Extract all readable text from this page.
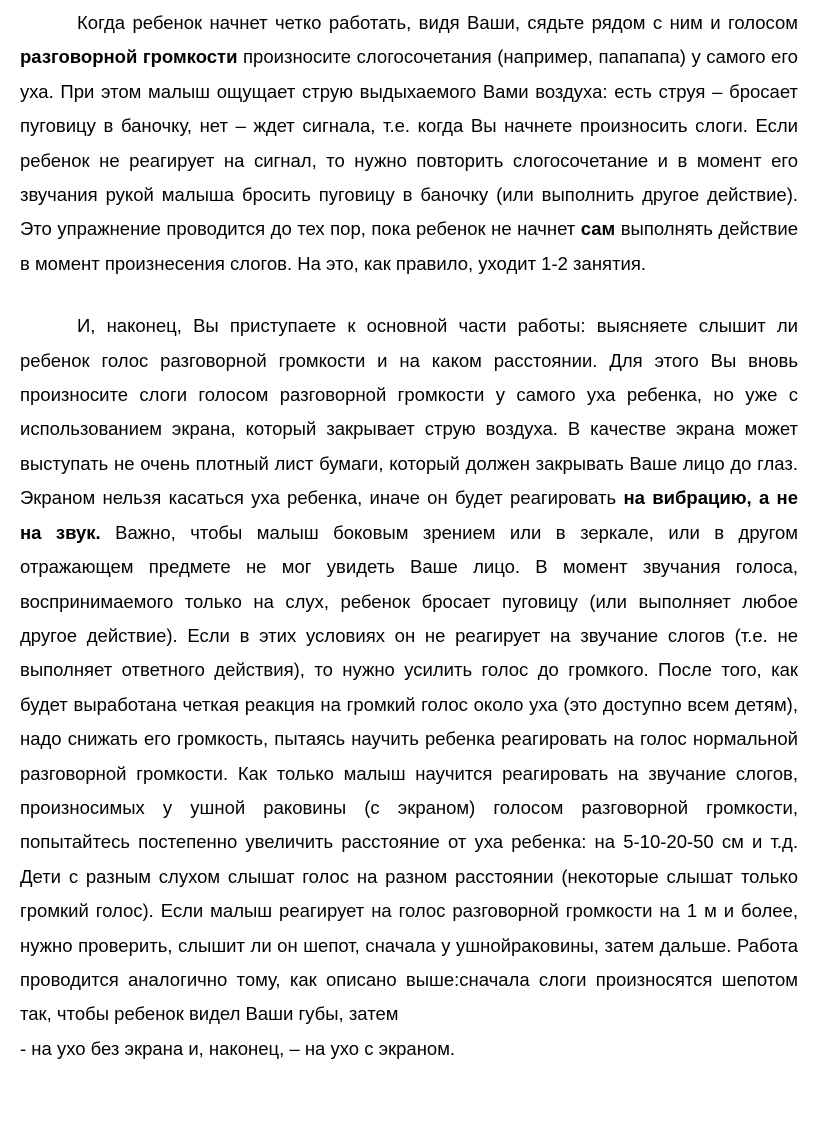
Когда ребенок начнет четко работать, видя Ваши, сядьте рядом с ним и голосом разговорной громкости произносите слогосочетания (например, папапапа) у самого его уха. При этом малыш ощущает струю выдыхаемого Вами воздуха: есть струя – бросает пуговицу в баночку, нет – ждет сигнала, т.е. когда Вы начнете произносить слоги. Если ребенок не реагирует на сигнал, то нужно повторить слогосочетание и в момент его звучания рукой малыша бросить пуговицу в баночку (или выполнить другое действие). Это упражнение проводится до тех пор, пока ребенок не начнет сам выполнять действие в момент произнесения слогов. На это, как правило, уходит 1-2 занятия.

И, наконец, Вы приступаете к основной части работы: выясняете слышит ли ребенок голос разговорной громкости и на каком расстоянии. Для этого Вы вновь произносите слоги голосом разговорной громкости у самого уха ребенка, но уже с использованием экрана, который закрывает струю воздуха. В качестве экрана может выступать не очень плотный лист бумаги, который должен закрывать Ваше лицо до глаз. Экраном нельзя касаться уха ребенка, иначе он будет реагировать на вибрацию, а не на звук. Важно, чтобы малыш боковым зрением или в зеркале, или в другом отражающем предмете не мог увидеть Ваше лицо. В момент звучания голоса, воспринимаемого только на слух, ребенок бросает пуговицу (или выполняет любое другое действие). Если в этих условиях он не реагирует на звучание слогов (т.е. не выполняет ответного действия), то нужно усилить голос до громкого. После того, как будет выработана четкая реакция на громкий голос около уха (это доступно всем детям), надо снижать его громкость, пытаясь научить ребенка реагировать на голос нормальной разговорной громкости. Как только малыш научится реагировать на звучание слогов, произносимых у ушной раковины (с экраном) голосом разговорной громкости, попытайтесь постепенно увеличить расстояние от уха ребенка: на 5-10-20-50 см и т.д. Дети с разным слухом слышат голос на разном расстоянии (некоторые слышат только громкий голос). Если малыш реагирует на голос разговорной громкости на 1 м и более, нужно проверить, слышит ли он шепот, сначала у ушнойраковины, затем дальше. Работа проводится аналогично тому, как описано выше:сначала слоги произносятся шепотом так, чтобы ребенок видел Ваши губы, затем

- на ухо без экрана и, наконец, – на ухо с экраном.
